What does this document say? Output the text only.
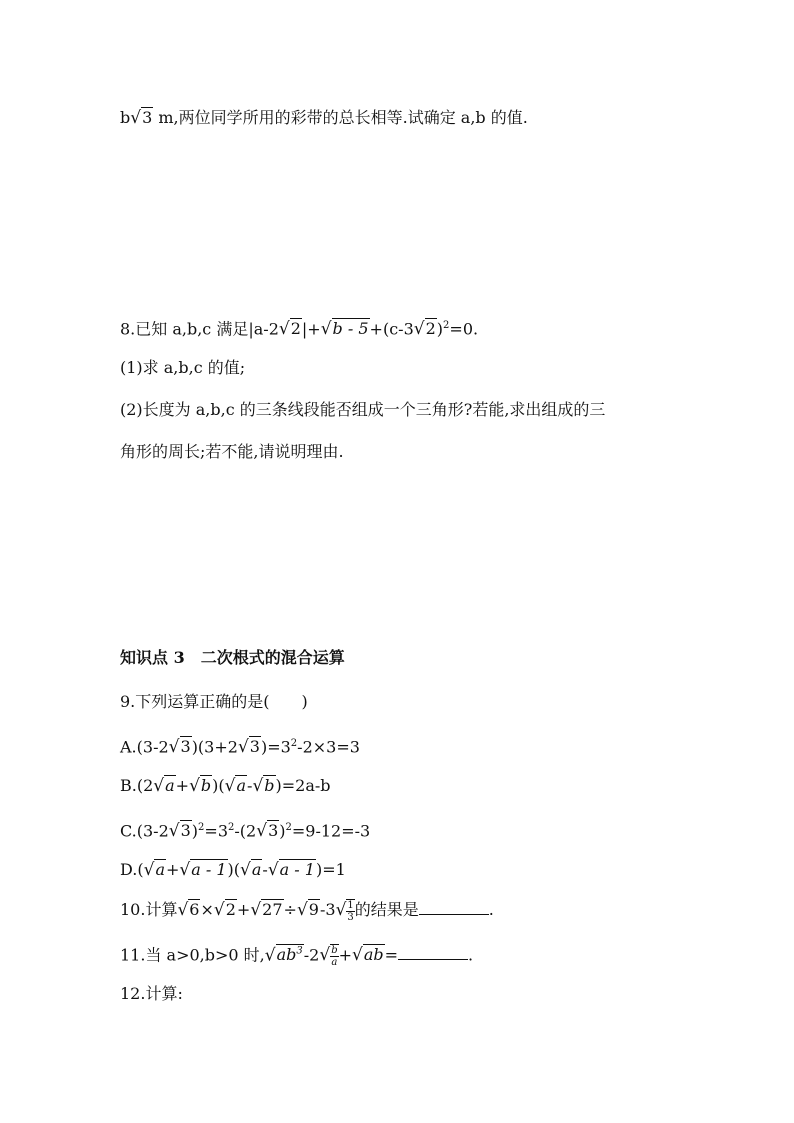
b√3 m,两位同学所用的彩带的总长相等.试确定 a,b 的值.
8.已知 a,b,c 满足$|a-2√2|+√b - 5+(c-3√2)^2=0$.
(1)求 a,b,c 的值;
(2)长度为 a,b,c 的三条线段能否组成一个三角形?若能,求出组成的三
角形的周长;若不能,请说明理由.
知识点 3　二次根式的混合运算
9.下列运算正确的是(　　)
$A.(3-2√3)(3+2√3)=3^2-2\times 3=3$
B.(2√a+√b)(√a-√b)=2a-b
$C.(3-2√3)^2=3^2-(2√3)^2=9-12=-3$
D.(√a+√a - 1)(√a-√a - 1)=1
10.计算$√6\times√2+√27\div√9-3√ \frac{1}{3}$ 的结果是	.
11.当 a>0,b>0 时$,√ab^3-2√ \frac{b}{a} +√ab=$	.
12.计算:
